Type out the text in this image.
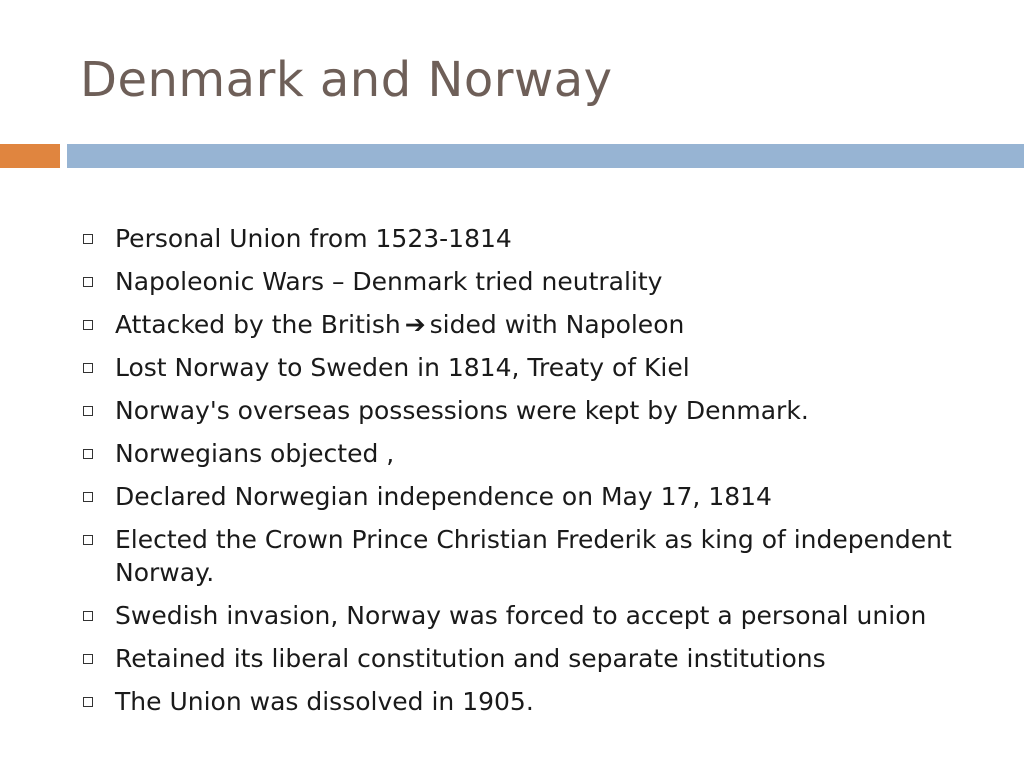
Denmark and Norway
Personal Union from 1523-1814
Napoleonic Wars – Denmark tried neutrality
Attacked by the British ➔ sided with Napoleon
Lost Norway to Sweden in 1814, Treaty of Kiel
Norway's overseas possessions were kept by Denmark.
Norwegians objected ,
Declared Norwegian independence on May 17, 1814
Elected the Crown Prince Christian Frederik as king of independent Norway.
Swedish invasion, Norway was forced to accept a personal union
Retained its liberal constitution and separate institutions
The Union was dissolved in 1905.
